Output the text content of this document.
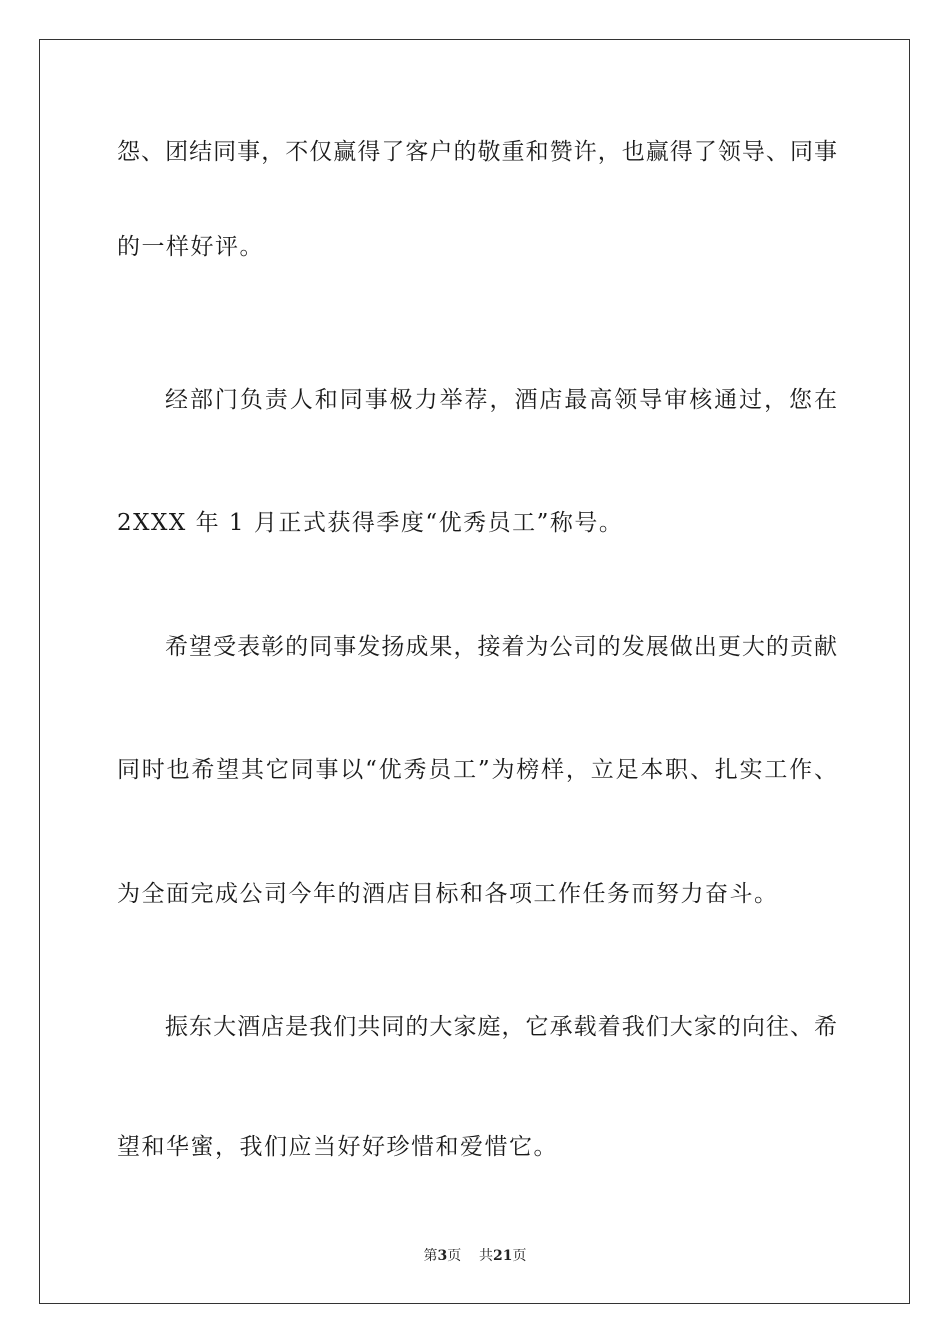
怨、团结同事，不仅赢得了客户的敬重和赞许，也赢得了领导、同事
的一样好评。
经部门负责人和同事极力举荐，酒店最高领导审核通过，您在
2XXX 年 1 月正式获得季度“优秀员工”称号。
希望受表彰的同事发扬成果，接着为公司的发展做出更大的贡献
同时也希望其它同事以“优秀员工”为榜样，立足本职、扎实工作、
为全面完成公司今年的酒店目标和各项工作任务而努力奋斗。
振东大酒店是我们共同的大家庭，它承载着我们大家的向往、希
望和华蜜，我们应当好好珍惜和爱惜它。
第3页 共21页
